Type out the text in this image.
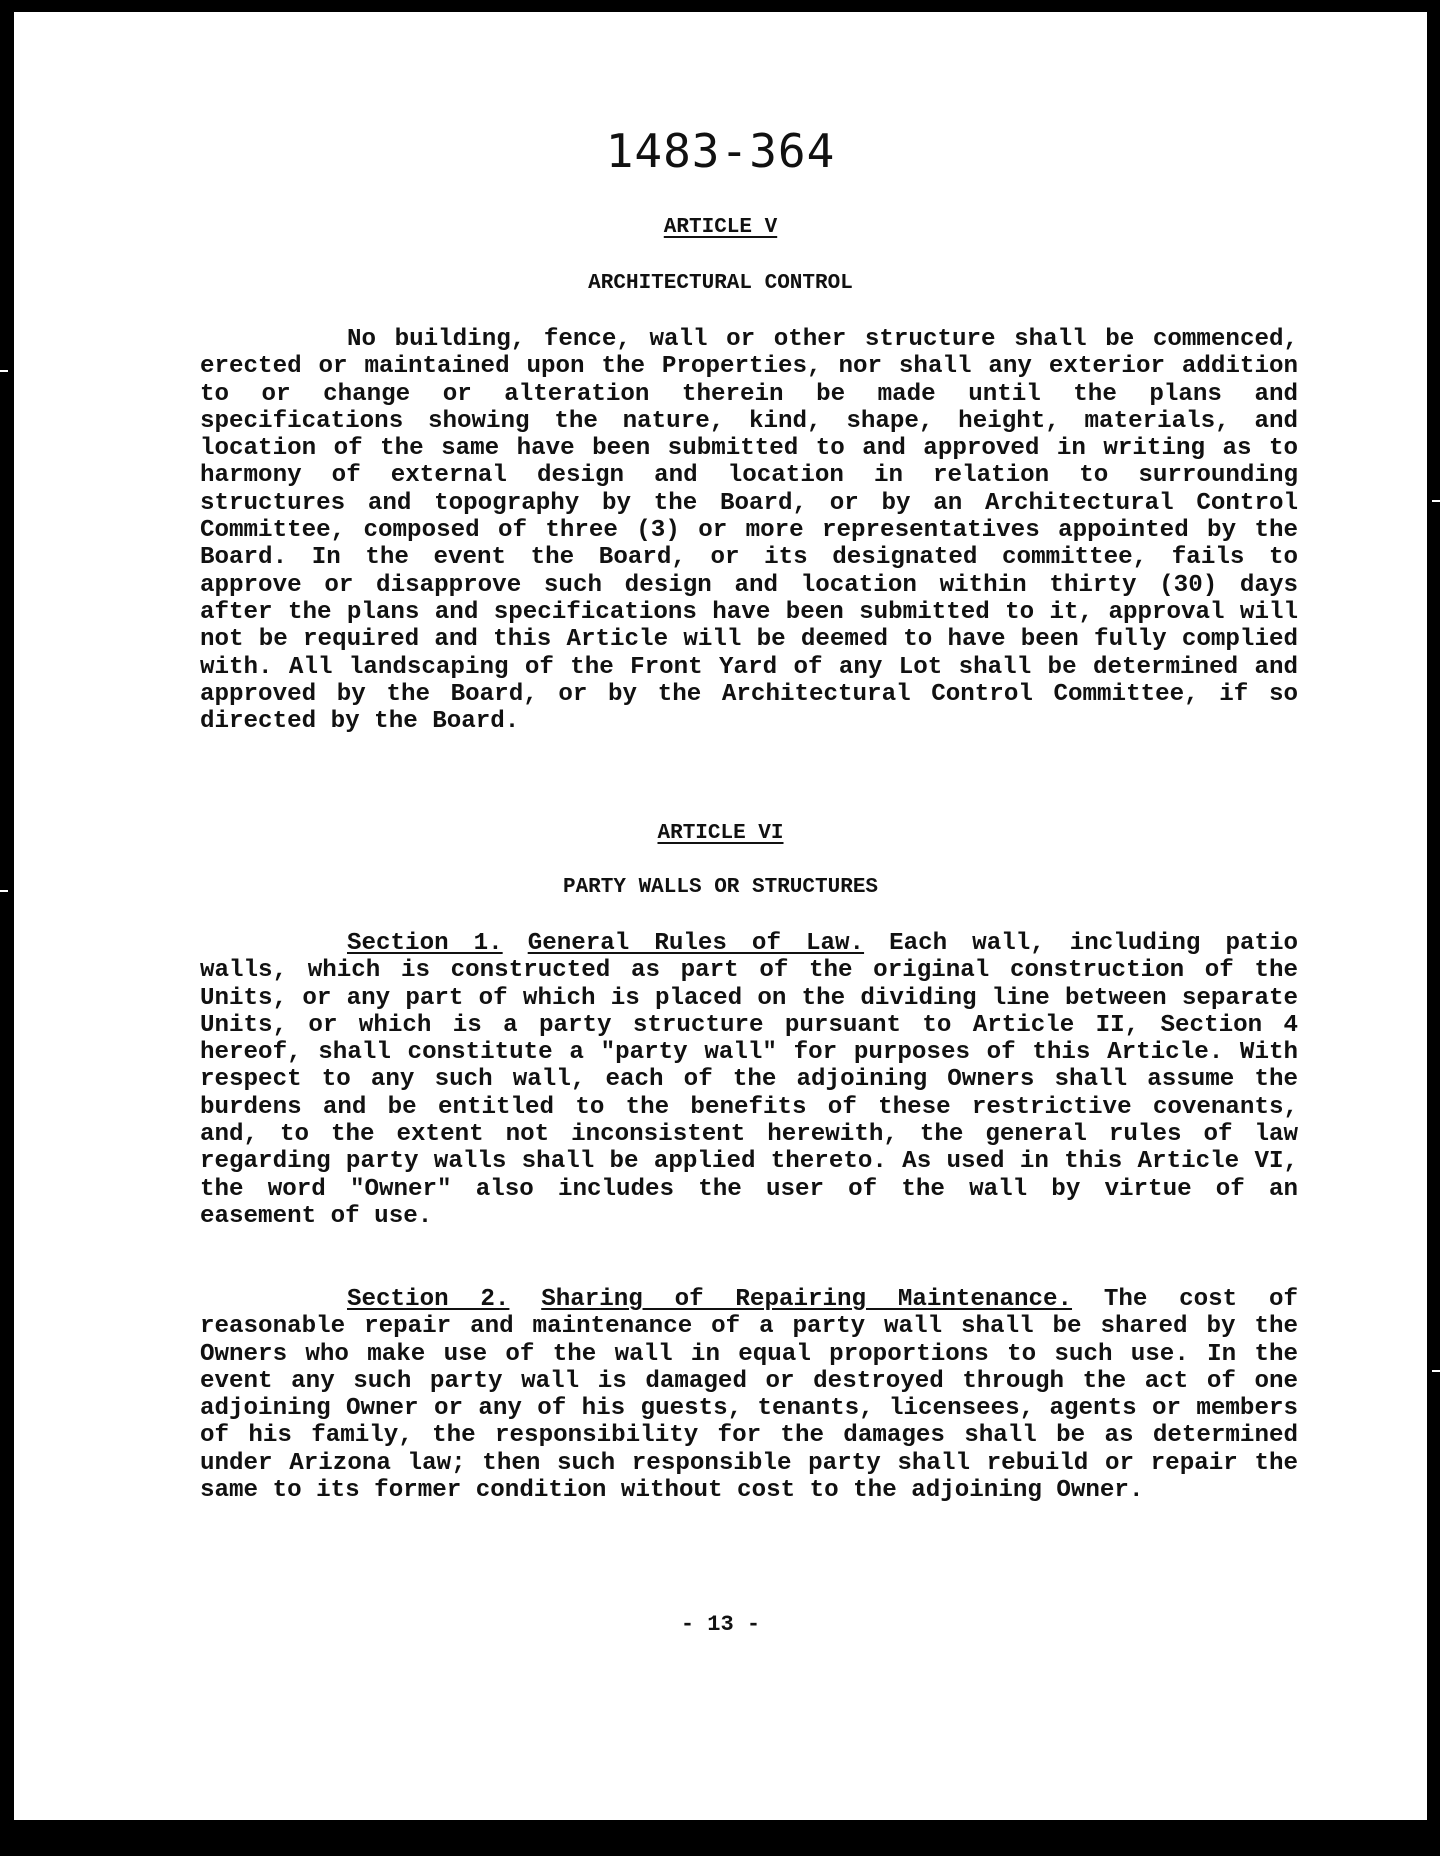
1483-364
ARTICLE V
ARCHITECTURAL CONTROL

No building, fence, wall or other structure shall be commenced, erected or maintained upon the Properties, nor shall any exterior addition to or change or alteration therein be made until the plans and specifications showing the nature, kind, shape, height, materials, and location of the same have been submitted to and approved in writing as to harmony of external design and location in relation to surrounding structures and topography by the Board, or by an Architectural Control Committee, composed of three (3) or more representatives appointed by the Board. In the event the Board, or its designated committee, fails to approve or disapprove such design and location within thirty (30) days after the plans and specifications have been submitted to it, approval will not be required and this Article will be deemed to have been fully complied with. All landscaping of the Front Yard of any Lot shall be determined and approved by the Board, or by the Architectural Control Committee, if so directed by the Board.

ARTICLE VI
PARTY WALLS OR STRUCTURES

Section 1. General Rules of Law. Each wall, including patio walls, which is constructed as part of the original construction of the Units, or any part of which is placed on the dividing line between separate Units, or which is a party structure pursuant to Article II, Section 4 hereof, shall constitute a "party wall" for purposes of this Article. With respect to any such wall, each of the adjoining Owners shall assume the burdens and be entitled to the benefits of these restrictive covenants, and, to the extent not inconsistent herewith, the general rules of law regarding party walls shall be applied thereto. As used in this Article VI, the word "Owner" also includes the user of the wall by virtue of an easement of use.

Section 2. Sharing of Repairing Maintenance. The cost of reasonable repair and maintenance of a party wall shall be shared by the Owners who make use of the wall in equal proportions to such use. In the event any such party wall is damaged or destroyed through the act of one adjoining Owner or any of his guests, tenants, licensees, agents or members of his family, the responsibility for the damages shall be as determined under Arizona law; then such responsible party shall rebuild or repair the same to its former condition without cost to the adjoining Owner.

- 13 -
